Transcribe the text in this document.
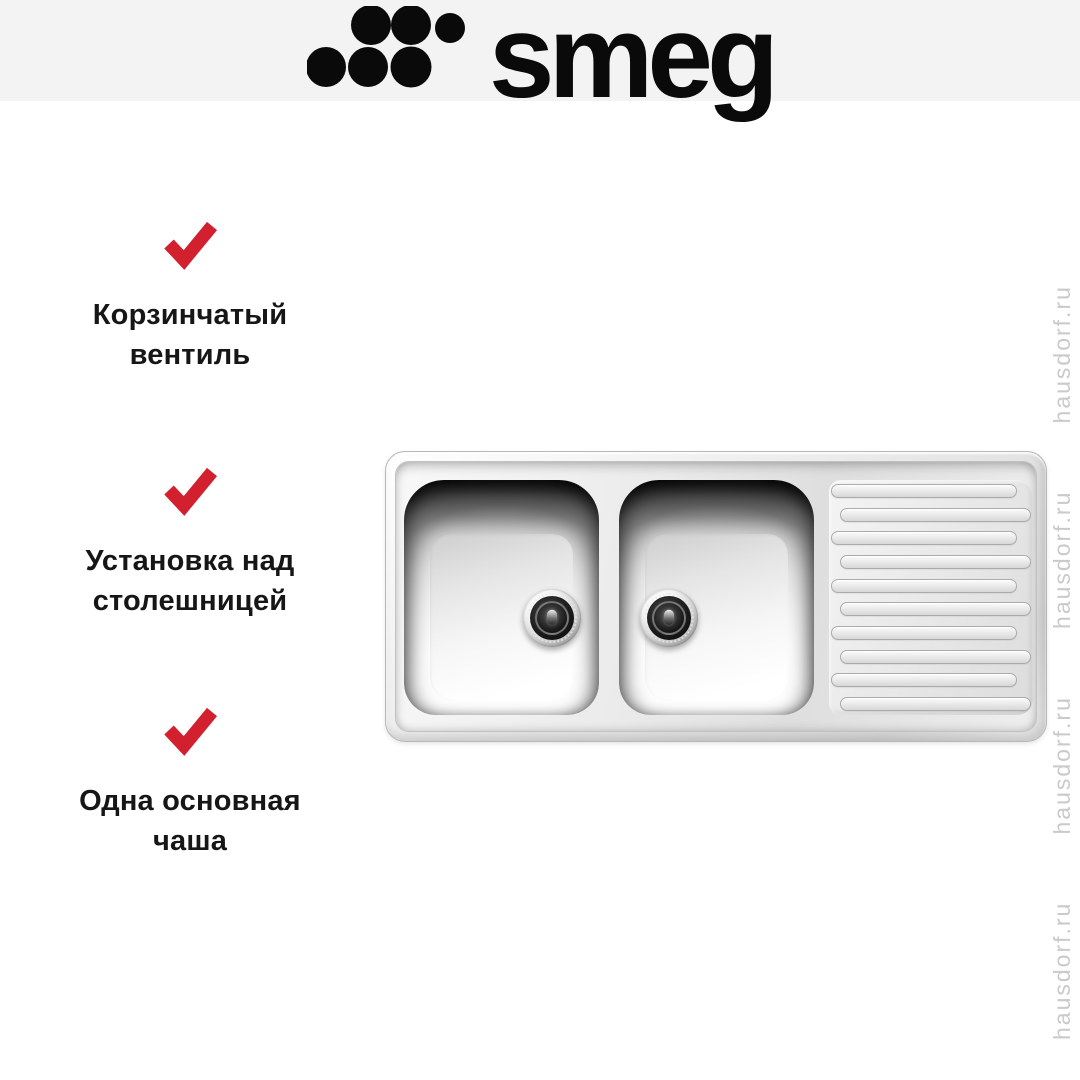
smeg

Корзинчатый вентиль

Установка над столешницей

Одна основная чаша	hausdorf.ru   hausdorf.ru   hausdorf.ru   hausdorf.ru
